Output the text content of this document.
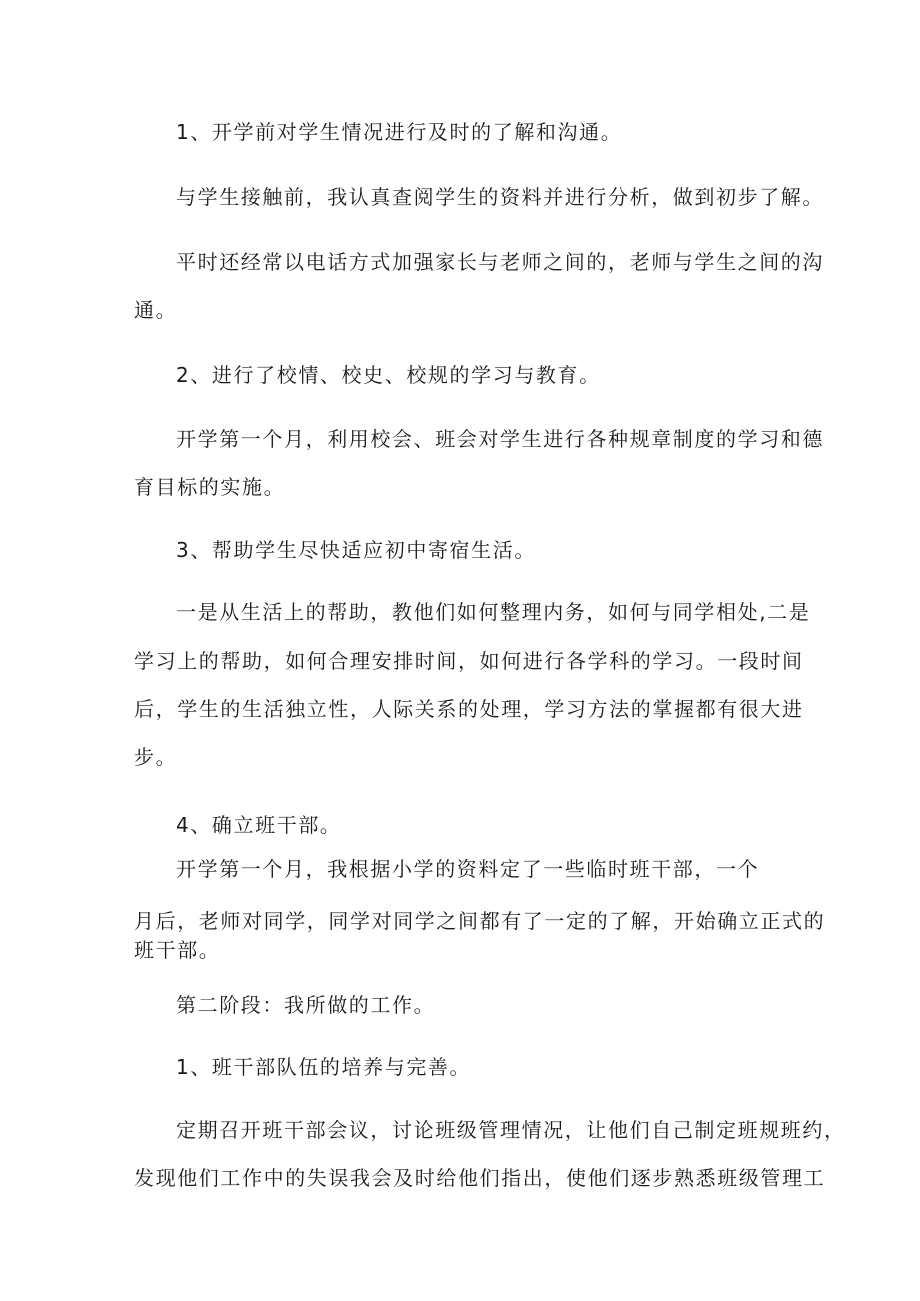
1、开学前对学生情况进行及时的了解和沟通。
与学生接触前，我认真查阅学生的资料并进行分析，做到初步了解。
平时还经常以电话方式加强家长与老师之间的，老师与学生之间的沟
通。
2、进行了校情、校史、校规的学习与教育。
开学第一个月，利用校会、班会对学生进行各种规章制度的学习和德
育目标的实施。
3、帮助学生尽快适应初中寄宿生活。
一是从生活上的帮助，教他们如何整理内务，如何与同学相处,二是
学习上的帮助，如何合理安排时间，如何进行各学科的学习。一段时间
后，学生的生活独立性，人际关系的处理，学习方法的掌握都有很大进
步。
4、确立班干部。
开学第一个月，我根据小学的资料定了一些临时班干部，一个
月后，老师对同学，同学对同学之间都有了一定的了解，开始确立正式的
班干部。
第二阶段：我所做的工作。
1、班干部队伍的培养与完善。
定期召开班干部会议，讨论班级管理情况，让他们自己制定班规班约，
发现他们工作中的失误我会及时给他们指出，使他们逐步熟悉班级管理工
